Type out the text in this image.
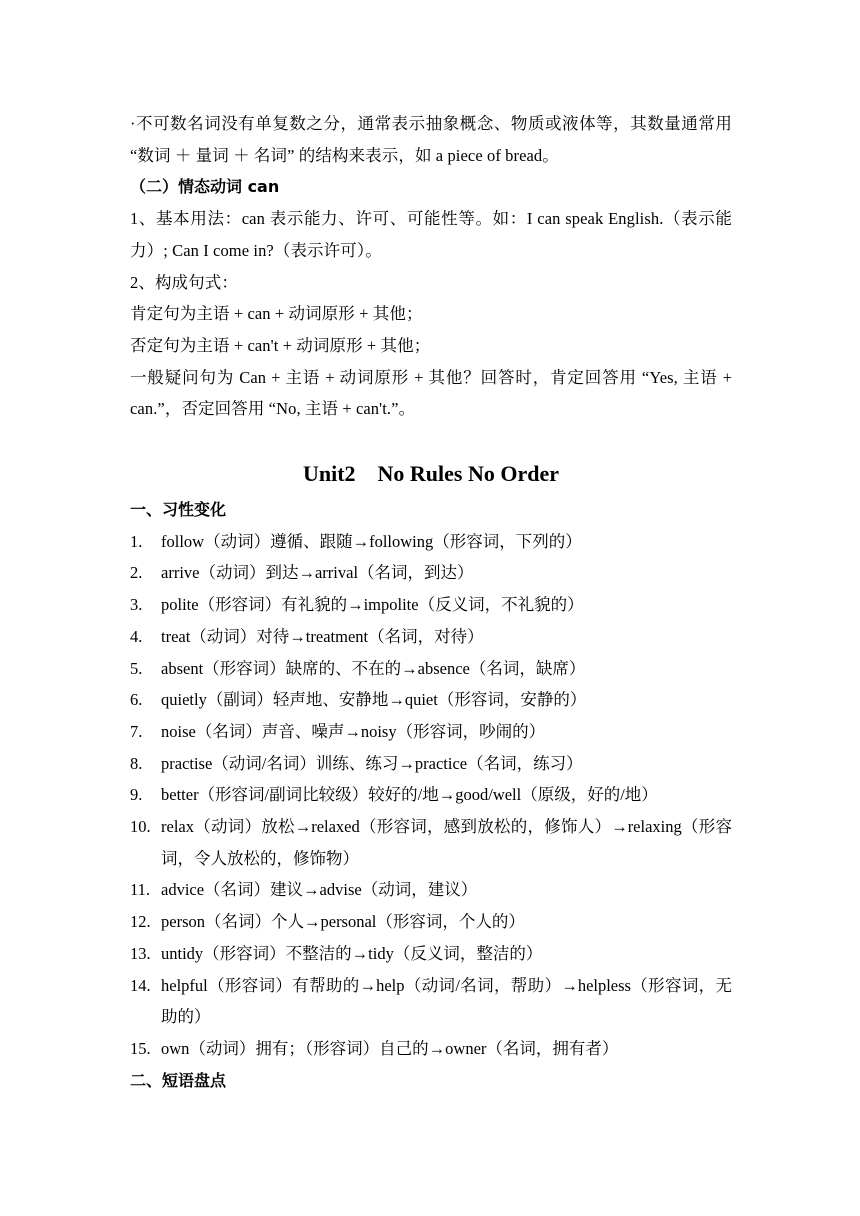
·不可数名词没有单复数之分，通常表示抽象概念、物质或液体等，其数量通常用 “数词 ＋ 量词 ＋ 名词” 的结构来表示，如 a piece of bread。
（二）情态动词 can
1、基本用法：can 表示能力、许可、可能性等。如：I can speak English.（表示能力）; Can I come in?（表示许可）。
2、构成句式：
肯定句为主语 + can + 动词原形 + 其他；
否定句为主语 + can't + 动词原形 + 其他；
一般疑问句为 Can + 主语 + 动词原形 + 其他？回答时，肯定回答用 “Yes, 主语 + can.”，否定回答用 “No, 主语 + can't.”。
Unit2    No Rules No Order
一、习性变化
1. follow（动词）遵循、跟随→following（形容词，下列的）
2. arrive（动词）到达→arrival（名词，到达）
3. polite（形容词）有礼貌的→impolite（反义词，不礼貌的）
4. treat（动词）对待→treatment（名词，对待）
5. absent（形容词）缺席的、不在的→absence（名词，缺席）
6. quietly（副词）轻声地、安静地→quiet（形容词，安静的）
7. noise（名词）声音、噪声→noisy（形容词，吵闹的）
8. practise（动词/名词）训练、练习→practice（名词，练习）
9. better（形容词/副词比较级）较好的/地→good/well（原级，好的/地）
10. relax（动词）放松→relaxed（形容词，感到放松的，修饰人）→relaxing（形容词，令人放松的，修饰物）
11. advice（名词）建议→advise（动词，建议）
12. person（名词）个人→personal（形容词，个人的）
13. untidy（形容词）不整洁的→tidy（反义词，整洁的）
14. helpful（形容词）有帮助的→help（动词/名词，帮助）→helpless（形容词，无助的）
15. own（动词）拥有；（形容词）自己的→owner（名词，拥有者）
二、短语盘点
